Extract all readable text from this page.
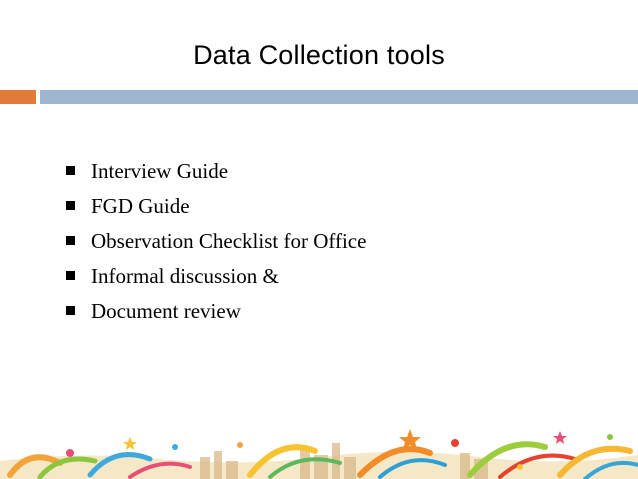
Data Collection tools
Interview Guide
FGD Guide
Observation Checklist for Office
Informal discussion &
Document review
